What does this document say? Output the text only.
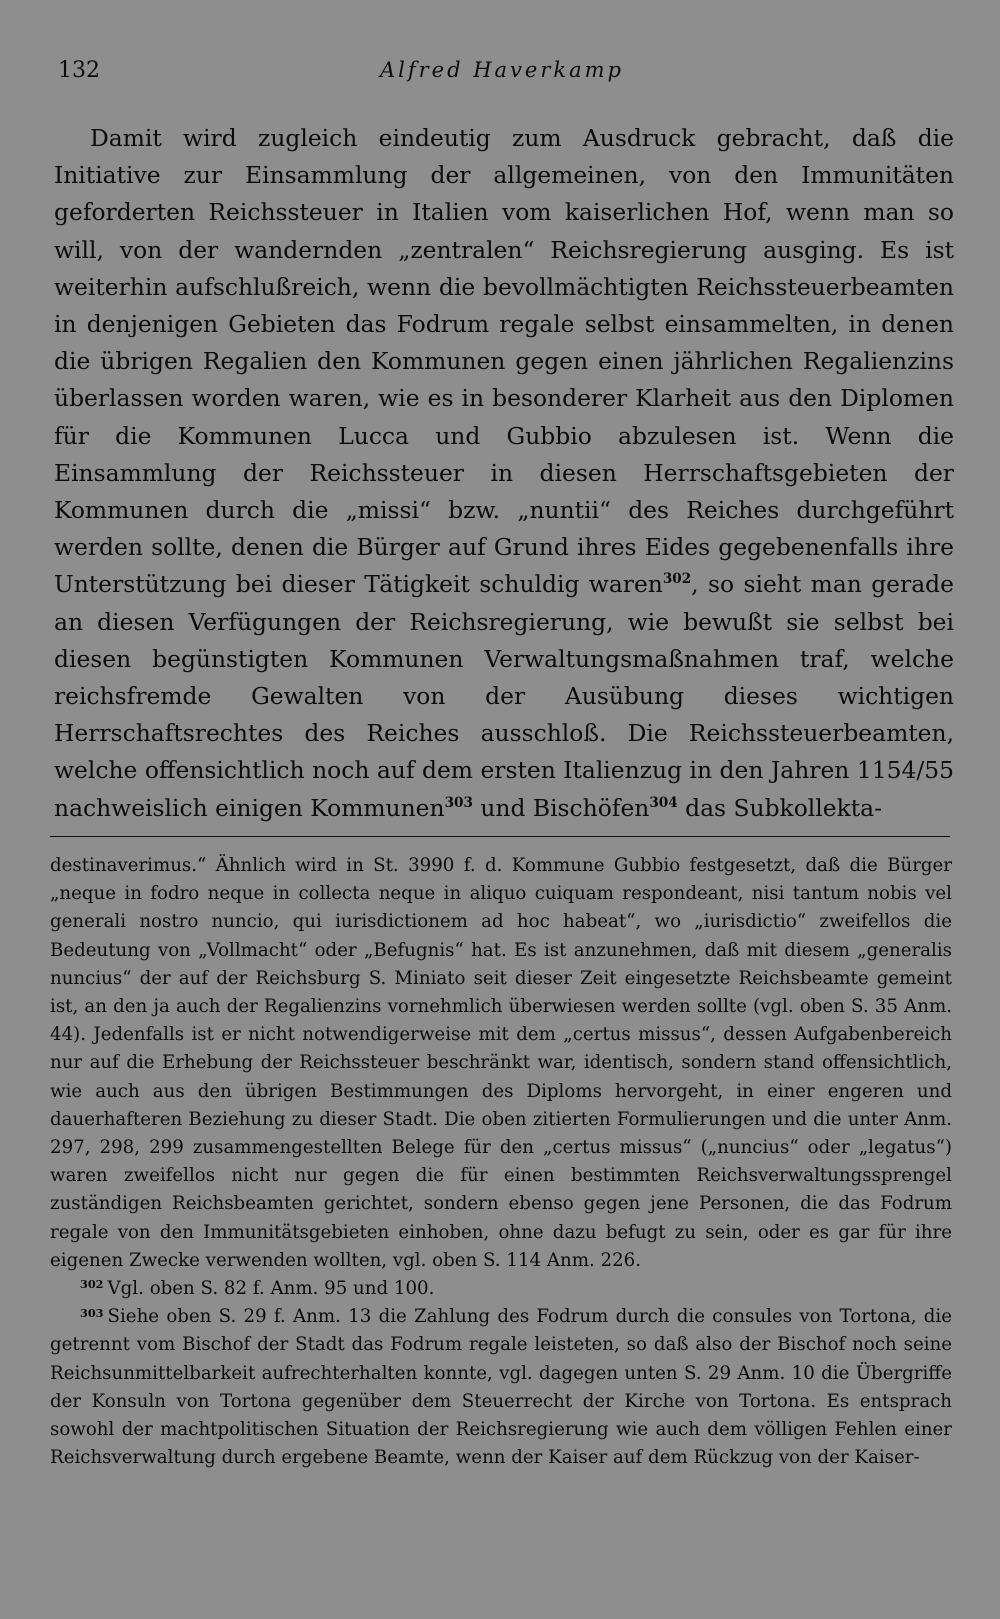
132	Alfred Haverkamp

Damit wird zugleich eindeutig zum Ausdruck gebracht, daß die Initiative zur Einsammlung der allgemeinen, von den Immunitäten geforderten Reichssteuer in Italien vom kaiserlichen Hof, wenn man so will, von der wandernden „zentralen“ Reichsregierung ausging. Es ist weiterhin aufschlußreich, wenn die bevollmächtigten Reichssteuerbeamten in denjenigen Gebieten das Fodrum regale selbst einsammelten, in denen die übrigen Regalien den Kommunen gegen einen jährlichen Regalienzins überlassen worden waren, wie es in besonderer Klarheit aus den Diplomen für die Kommunen Lucca und Gubbio abzulesen ist. Wenn die Einsammlung der Reichssteuer in diesen Herrschaftsgebieten der Kommunen durch die „missi“ bzw. „nuntii“ des Reiches durchgeführt werden sollte, denen die Bürger auf Grund ihres Eides gegebenenfalls ihre Unterstützung bei dieser Tätigkeit schuldig waren$^{302}$, so sieht man gerade an diesen Verfügungen der Reichsregierung, wie bewußt sie selbst bei diesen begünstigten Kommunen Verwaltungsmaßnahmen traf, welche reichsfremde Gewalten von der Ausübung dieses wichtigen Herrschaftsrechtes des Reiches ausschloß. Die Reichssteuerbeamten, welche offensichtlich noch auf dem ersten Italienzug in den Jahren 1154/55 nachweislich einigen Kommunen$^{303}$ und Bischöfen$^{304}$ das Subkollekta-

destinaverimus.“ Ähnlich wird in St. 3990 f. d. Kommune Gubbio festgesetzt, daß die Bürger „neque in fodro neque in collecta neque in aliquo cuiquam respondeant, nisi tantum nobis vel generali nostro nuncio, qui iurisdictionem ad hoc habeat“, wo „iurisdictio“ zweifellos die Bedeutung von „Vollmacht“ oder „Befugnis“ hat. Es ist anzunehmen, daß mit diesem „generalis nuncius“ der auf der Reichsburg S. Miniato seit dieser Zeit eingesetzte Reichsbeamte gemeint ist, an den ja auch der Regalienzins vornehmlich überwiesen werden sollte (vgl. oben S. 35 Anm. 44). Jedenfalls ist er nicht notwendigerweise mit dem „certus missus“, dessen Aufgabenbereich nur auf die Erhebung der Reichssteuer beschränkt war, identisch, sondern stand offensichtlich, wie auch aus den übrigen Bestimmungen des Diploms hervorgeht, in einer engeren und dauerhafteren Beziehung zu dieser Stadt. Die oben zitierten Formulierungen und die unter Anm. 297, 298, 299 zusammengestellten Belege für den „certus missus“ („nuncius“ oder „legatus“) waren zweifellos nicht nur gegen die für einen bestimmten Reichsverwaltungssprengel zuständigen Reichsbeamten gerichtet, sondern ebenso gegen jene Personen, die das Fodrum regale von den Immunitätsgebieten einhoben, ohne dazu befugt zu sein, oder es gar für ihre eigenen Zwecke verwenden wollten, vgl. oben S. 114 Anm. 226.

$^{302}$ Vgl. oben S. 82 f. Anm. 95 und 100.

$^{303}$ Siehe oben S. 29 f. Anm. 13 die Zahlung des Fodrum durch die consules von Tortona, die getrennt vom Bischof der Stadt das Fodrum regale leisteten, so daß also der Bischof noch seine Reichsunmittelbarkeit aufrechterhalten konnte, vgl. dagegen unten S. 29 Anm. 10 die Übergriffe der Konsuln von Tortona gegenüber dem Steuerrecht der Kirche von Tortona. Es entsprach sowohl der machtpolitischen Situation der Reichsregierung wie auch dem völligen Fehlen einer Reichsverwaltung durch ergebene Beamte, wenn der Kaiser auf dem Rückzug von der Kaiser-
